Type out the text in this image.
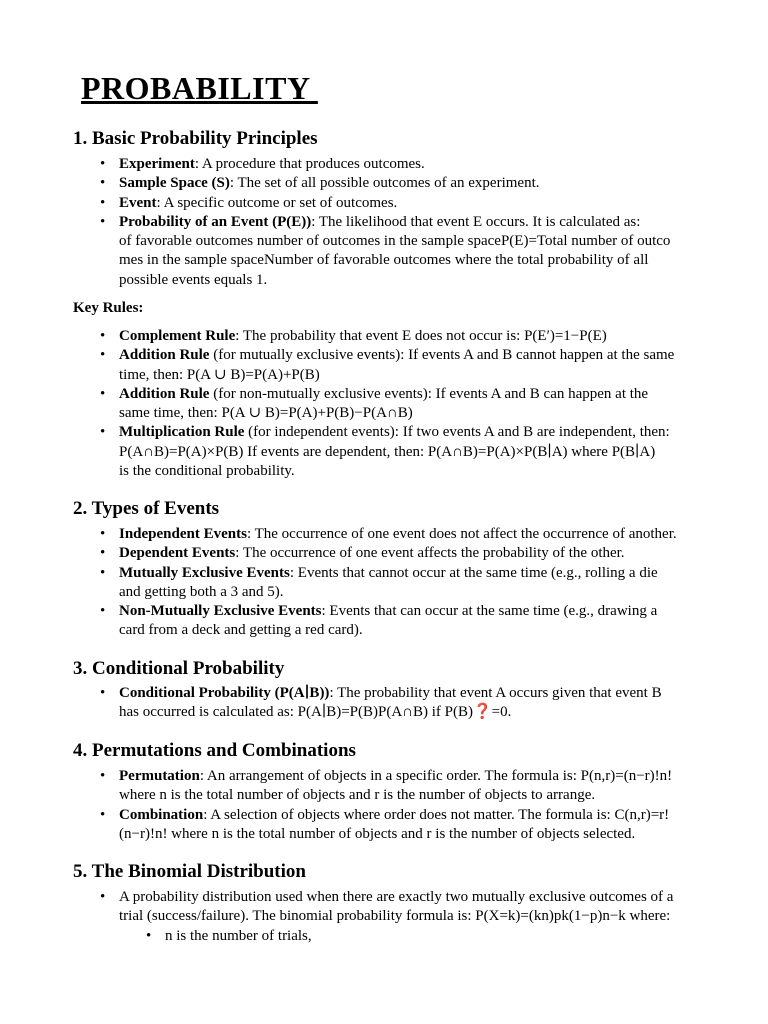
PROBABILITY
1. Basic Probability Principles
• Experiment: A procedure that produces outcomes.
• Sample Space (S): The set of all possible outcomes of an experiment.
• Event: A specific outcome or set of outcomes.
• Probability of an Event (P(E)): The likelihood that event E occurs. It is calculated as:
of favorable outcomes number of outcomes in the sample spaceP(E)=Total number of outco
mes in the sample spaceNumber of favorable outcomes where the total probability of all
possible events equals 1.
Key Rules:
• Complement Rule: The probability that event E does not occur is: P(E′)=1−P(E)
• Addition Rule (for mutually exclusive events): If events A and B cannot happen at the same
time, then: P(A ∪ B)=P(A)+P(B)
• Addition Rule (for non-mutually exclusive events): If events A and B can happen at the
same time, then: P(A ∪ B)=P(A)+P(B)−P(A∩B)
• Multiplication Rule (for independent events): If two events A and B are independent, then:
P(A∩B)=P(A)×P(B) If events are dependent, then: P(A∩B)=P(A)×P(B∣A) where P(B∣A)
is the conditional probability.
2. Types of Events
• Independent Events: The occurrence of one event does not affect the occurrence of another.
• Dependent Events: The occurrence of one event affects the probability of the other.
• Mutually Exclusive Events: Events that cannot occur at the same time (e.g., rolling a die
and getting both a 3 and 5).
• Non-Mutually Exclusive Events: Events that can occur at the same time (e.g., drawing a
card from a deck and getting a red card).
3. Conditional Probability
• Conditional Probability (P(A∣B)): The probability that event A occurs given that event B
has occurred is calculated as: P(A∣B)=P(B)P(A∩B) if P(B)❓=0.
4. Permutations and Combinations
• Permutation: An arrangement of objects in a specific order. The formula is: P(n,r)=(n−r)!n!
where n is the total number of objects and r is the number of objects to arrange.
• Combination: A selection of objects where order does not matter. The formula is: C(n,r)=r!
(n−r)!n! where n is the total number of objects and r is the number of objects selected.
5. The Binomial Distribution
• A probability distribution used when there are exactly two mutually exclusive outcomes of a
trial (success/failure). The binomial probability formula is: P(X=k)=(kn)pk(1−p)n−k where:
• n is the number of trials,
